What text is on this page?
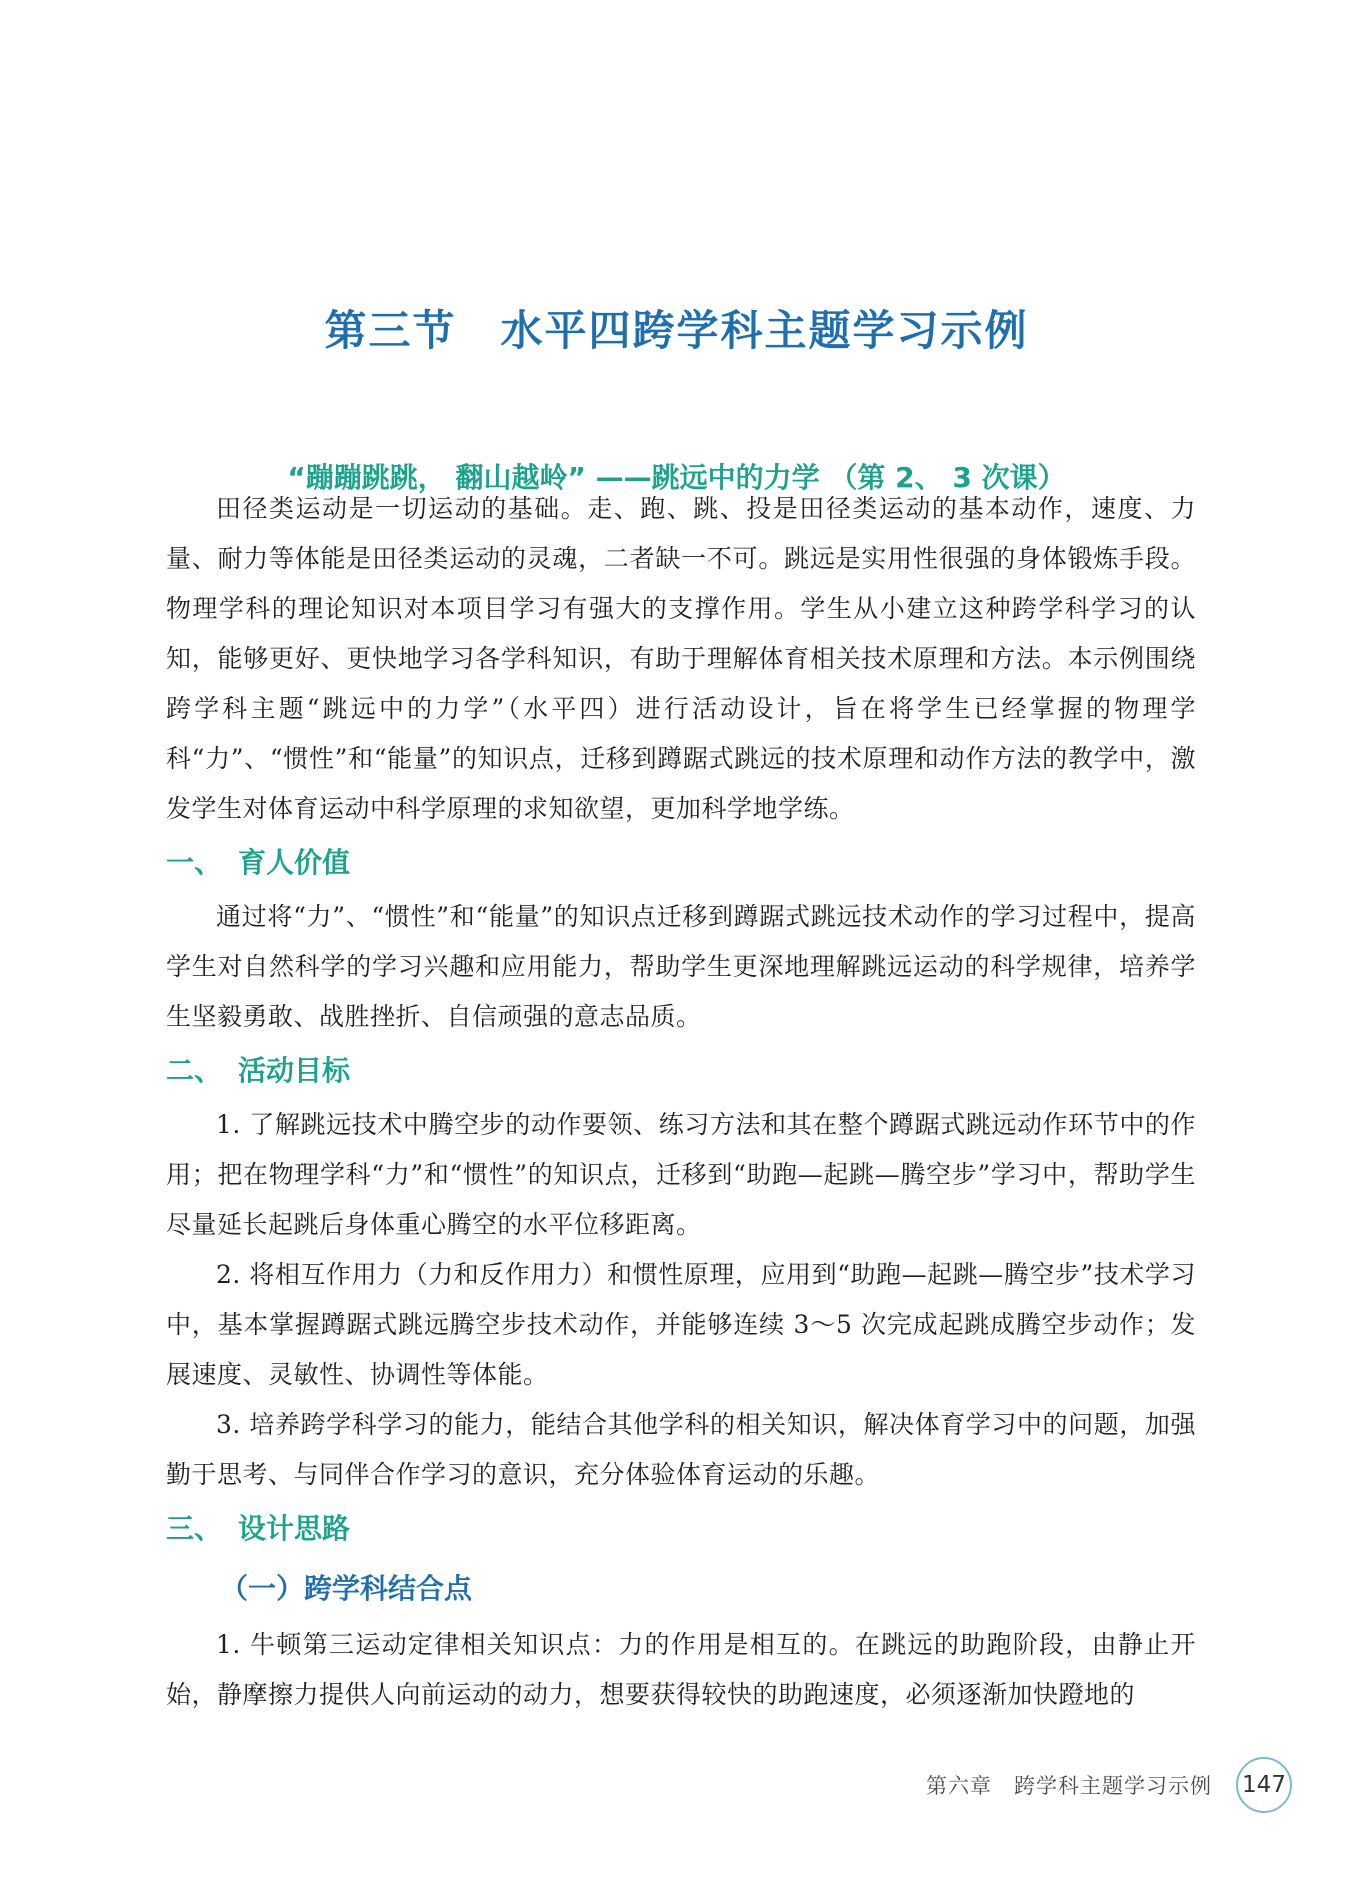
第三节　水平四跨学科主题学习示例
“蹦蹦跳跳， 翻山越岭” ——跳远中的力学 （第 2、 3 次课）

田径类运动是一切运动的基础。走、跑、跳、投是田径类运动的基本动作，速度、力量、耐力等体能是田径类运动的灵魂，二者缺一不可。跳远是实用性很强的身体锻炼手段。物理学科的理论知识对本项目学习有强大的支撑作用。学生从小建立这种跨学科学习的认知，能够更好、更快地学习各学科知识，有助于理解体育相关技术原理和方法。本示例围绕跨学科主题“跳远中的力学”（水平四）进行活动设计，旨在将学生已经掌握的物理学科“力”、“惯性”和“能量”的知识点，迁移到蹲踞式跳远的技术原理和动作方法的教学中，激发学生对体育运动中科学原理的求知欲望，更加科学地学练。

一、 育人价值

通过将“力”、“惯性”和“能量”的知识点迁移到蹲踞式跳远技术动作的学习过程中，提高学生对自然科学的学习兴趣和应用能力，帮助学生更深地理解跳远运动的科学规律，培养学生坚毅勇敢、战胜挫折、自信顽强的意志品质。

二、 活动目标

1. 了解跳远技术中腾空步的动作要领、练习方法和其在整个蹲踞式跳远动作环节中的作用；把在物理学科“力”和“惯性”的知识点，迁移到“助跑—起跳—腾空步”学习中，帮助学生尽量延长起跳后身体重心腾空的水平位移距离。

2. 将相互作用力（力和反作用力）和惯性原理，应用到“助跑—起跳—腾空步”技术学习中，基本掌握蹲踞式跳远腾空步技术动作，并能够连续 3～5 次完成起跳成腾空步动作；发展速度、灵敏性、协调性等体能。

3. 培养跨学科学习的能力，能结合其他学科的相关知识，解决体育学习中的问题，加强勤于思考、与同伴合作学习的意识，充分体验体育运动的乐趣。

三、 设计思路
（一）跨学科结合点

1. 牛顿第三运动定律相关知识点：力的作用是相互的。在跳远的助跑阶段，由静止开始，静摩擦力提供人向前运动的动力，想要获得较快的助跑速度，必须逐渐加快蹬地的

第六章　跨学科主题学习示例 147
